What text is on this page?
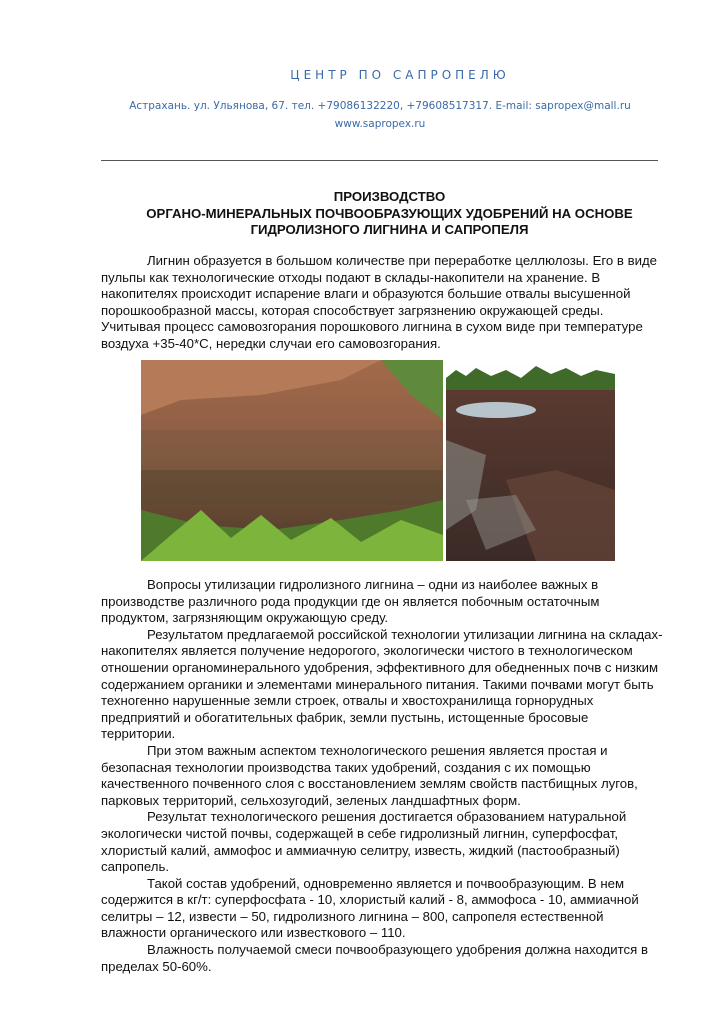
ЦЕНТР ПО САПРОПЕЛЮ
Астрахань. ул. Ульянова, 67. тел. +79086132220, +79608517317. E-mail: sapropex@mall.ru
www.sapropex.ru
ПРОИЗВОДСТВО
ОРГАНО-МИНЕРАЛЬНЫХ ПОЧВООБРАЗУЮЩИХ УДОБРЕНИЙ НА ОСНОВЕ
ГИДРОЛИЗНОГО ЛИГНИНА И САПРОПЕЛЯ

Лигнин образуется в большом количестве при переработке целлюлозы. Его в виде пульпы как технологические отходы подают в склады-накопители на хранение. В накопителях происходит испарение влаги и образуются большие отвалы высушенной порошкообразной массы, которая способствует загрязнению окружающей среды. Учитывая процесс самовозгорания порошкового лигнина в сухом виде при температуре воздуха +35-40*С, нередки случаи его самовозгорания.

Вопросы утилизации гидролизного лигнина – одни из наиболее важных в производстве различного рода продукции где он является побочным остаточным продуктом, загрязняющим окружающую среду.

Результатом предлагаемой российской технологии утилизации лигнина на складах-накопителях является получение недорогого, экологически чистого в технологическом отношении органоминерального удобрения, эффективного для обедненных почв с низким содержанием органики и элементами минерального питания. Такими почвами могут быть техногенно нарушенные земли строек, отвалы и хвостохранилища горнорудных предприятий и обогатительных фабрик, земли пустынь, истощенные бросовые территории.

При этом важным аспектом технологического решения является простая и безопасная технологии производства таких удобрений, создания с их помощью качественного почвенного слоя с восстановлением землям свойств пастбищных лугов, парковых территорий, сельхозугодий, зеленых ландшафтных форм.

Результат технологического решения достигается образованием натуральной экологически чистой почвы, содержащей в себе гидролизный лигнин, суперфосфат, хлористый калий, аммофос и аммиачную селитру, известь, жидкий (пастообразный) сапропель.

Такой состав удобрений, одновременно является и почвообразующим. В нем содержится в кг/т: суперфосфата - 10, хлористый калий - 8, аммофоса - 10, аммиачной селитры – 12, извести – 50, гидролизного лигнина – 800, сапропеля естественной влажности органического или известкового – 110.

Влажность получаемой смеси почвообразующего удобрения должна находится в пределах 50-60%.
